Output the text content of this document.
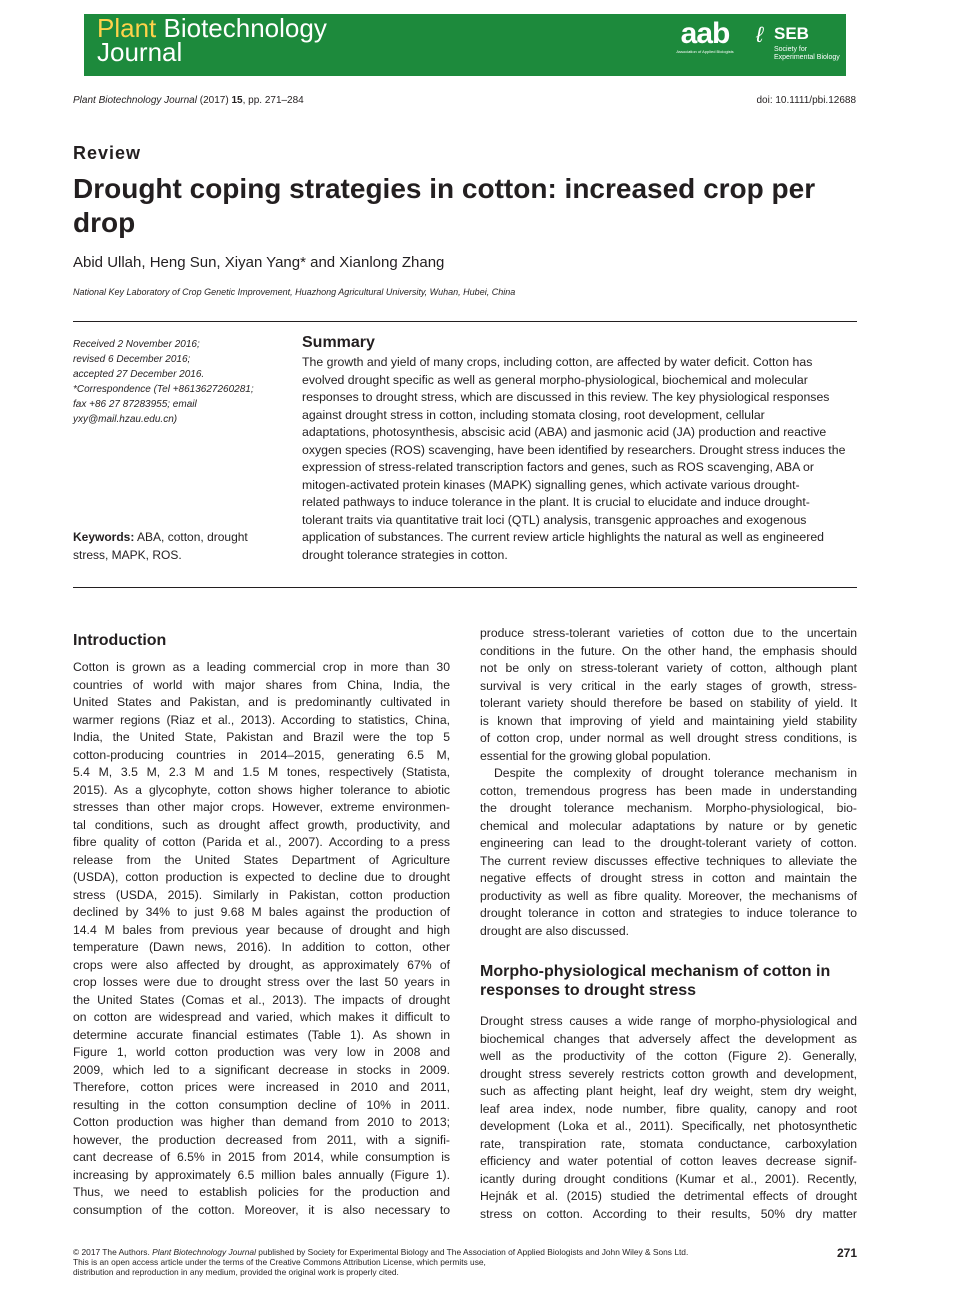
Plant Biotechnology
Journal
aab
Association of Applied Biologists
ℓ SEB
Society for
Experimental Biology
Plant Biotechnology Journal (2017) 15, pp. 271–284	doi: 10.1111/pbi.12688
Review
Drought coping strategies in cotton: increased crop per drop
Abid Ullah, Heng Sun, Xiyan Yang* and Xianlong Zhang
National Key Laboratory of Crop Genetic Improvement, Huazhong Agricultural University, Wuhan, Hubei, China
Received 2 November 2016;
revised 6 December 2016;
accepted 27 December 2016.
*Correspondence (Tel +8613627260281;
fax +86 27 87283955; email
yxy@mail.hzau.edu.cn)
Keywords: ABA, cotton, drought
stress, MAPK, ROS.
Summary
The growth and yield of many crops, including cotton, are affected by water deficit. Cotton has
evolved drought specific as well as general morpho-physiological, biochemical and molecular
responses to drought stress, which are discussed in this review. The key physiological responses
against drought stress in cotton, including stomata closing, root development, cellular
adaptations, photosynthesis, abscisic acid (ABA) and jasmonic acid (JA) production and reactive
oxygen species (ROS) scavenging, have been identified by researchers. Drought stress induces the
expression of stress-related transcription factors and genes, such as ROS scavenging, ABA or
mitogen-activated protein kinases (MAPK) signalling genes, which activate various drought-
related pathways to induce tolerance in the plant. It is crucial to elucidate and induce drought-
tolerant traits via quantitative trait loci (QTL) analysis, transgenic approaches and exogenous
application of substances. The current review article highlights the natural as well as engineered
drought tolerance strategies in cotton.
Introduction
Cotton is grown as a leading commercial crop in more than 30
countries of world with major shares from China, India, the
United States and Pakistan, and is predominantly cultivated in
warmer regions (Riaz et al., 2013). According to statistics, China,
India, the United State, Pakistan and Brazil were the top 5
cotton-producing countries in 2014–2015, generating 6.5 M,
5.4 M, 3.5 M, 2.3 M and 1.5 M tones, respectively (Statista,
2015). As a glycophyte, cotton shows higher tolerance to abiotic
stresses than other major crops. However, extreme environmen-
tal conditions, such as drought affect growth, productivity, and
fibre quality of cotton (Parida et al., 2007). According to a press
release from the United States Department of Agriculture
(USDA), cotton production is expected to decline due to drought
stress (USDA, 2015). Similarly in Pakistan, cotton production
declined by 34% to just 9.68 M bales against the production of
14.4 M bales from previous year because of drought and high
temperature (Dawn news, 2016). In addition to cotton, other
crops were also affected by drought, as approximately 67% of
crop losses were due to drought stress over the last 50 years in
the United States (Comas et al., 2013). The impacts of drought
on cotton are widespread and varied, which makes it difficult to
determine accurate financial estimates (Table 1). As shown in
Figure 1, world cotton production was very low in 2008 and
2009, which led to a significant decrease in stocks in 2009.
Therefore, cotton prices were increased in 2010 and 2011,
resulting in the cotton consumption decline of 10% in 2011.
Cotton production was higher than demand from 2010 to 2013;
however, the production decreased from 2011, with a signifi-
cant decrease of 6.5% in 2015 from 2014, while consumption is
increasing by approximately 6.5 million bales annually (Figure 1).
Thus, we need to establish policies for the production and
consumption of the cotton. Moreover, it is also necessary to
produce stress-tolerant varieties of cotton due to the uncertain
conditions in the future. On the other hand, the emphasis should
not be only on stress-tolerant variety of cotton, although plant
survival is very critical in the early stages of growth, stress-
tolerant variety should therefore be based on stability of yield. It
is known that improving of yield and maintaining yield stability
of cotton crop, under normal as well drought stress conditions, is
essential for the growing global population.
Despite the complexity of drought tolerance mechanism in
cotton, tremendous progress has been made in understanding
the drought tolerance mechanism. Morpho-physiological, bio-
chemical and molecular adaptations by nature or by genetic
engineering can lead to the drought-tolerant variety of cotton.
The current review discusses effective techniques to alleviate the
negative effects of drought stress in cotton and maintain the
productivity as well as fibre quality. Moreover, the mechanisms of
drought tolerance in cotton and strategies to induce tolerance to
drought are also discussed.
Morpho-physiological mechanism of cotton in
responses to drought stress
Drought stress causes a wide range of morpho-physiological and
biochemical changes that adversely affect the development as
well as the productivity of the cotton (Figure 2). Generally,
drought stress severely restricts cotton growth and development,
such as affecting plant height, leaf dry weight, stem dry weight,
leaf area index, node number, fibre quality, canopy and root
development (Loka et al., 2011). Specifically, net photosynthetic
rate, transpiration rate, stomata conductance, carboxylation
efficiency and water potential of cotton leaves decrease signif-
icantly during drought conditions (Kumar et al., 2001). Recently,
Hejnák et al. (2015) studied the detrimental effects of drought
stress on cotton. According to their results, 50% dry matter
© 2017 The Authors. Plant Biotechnology Journal published by Society for Experimental Biology and The Association of Applied Biologists and John Wiley & Sons Ltd.
This is an open access article under the terms of the Creative Commons Attribution License, which permits use,
distribution and reproduction in any medium, provided the original work is properly cited.
271
